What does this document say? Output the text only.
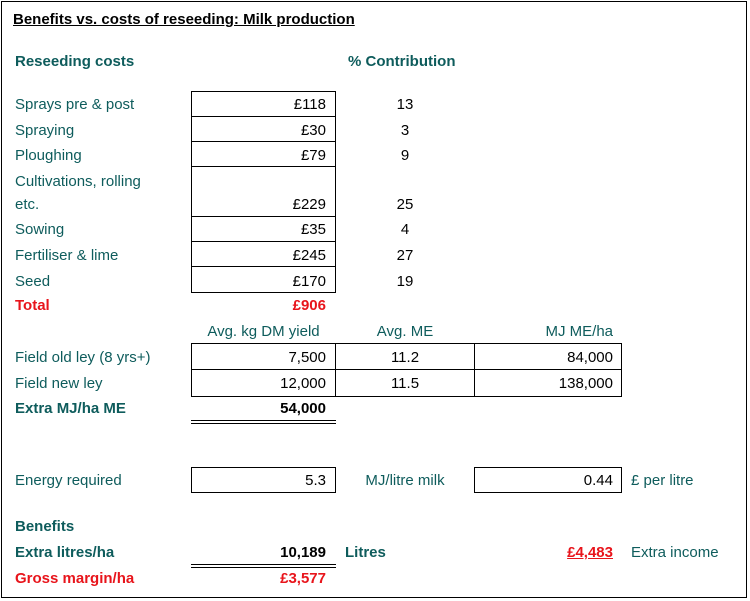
Benefits vs. costs of reseeding: Milk production
Reseeding costs	% Contribution
Sprays pre & post	£118	13
Spraying	£30	3
Ploughing	£79	9
Cultivations, rolling
etc.	£229	25
Sowing	£35	4
Fertiliser & lime	£245	27
Seed	£170	19
Total	£906
Avg. kg DM yield	Avg. ME	MJ ME/ha
Field old ley (8 yrs+)	7,500	11.2	84,000
Field new ley	12,000	11.5	138,000
Extra MJ/ha ME	54,000
Energy required	5.3	MJ/litre milk	0.44 £ per litre
Benefits
Extra litres/ha	10,189 Litres	£4,483 Extra income
Gross margin/ha	£3,577
